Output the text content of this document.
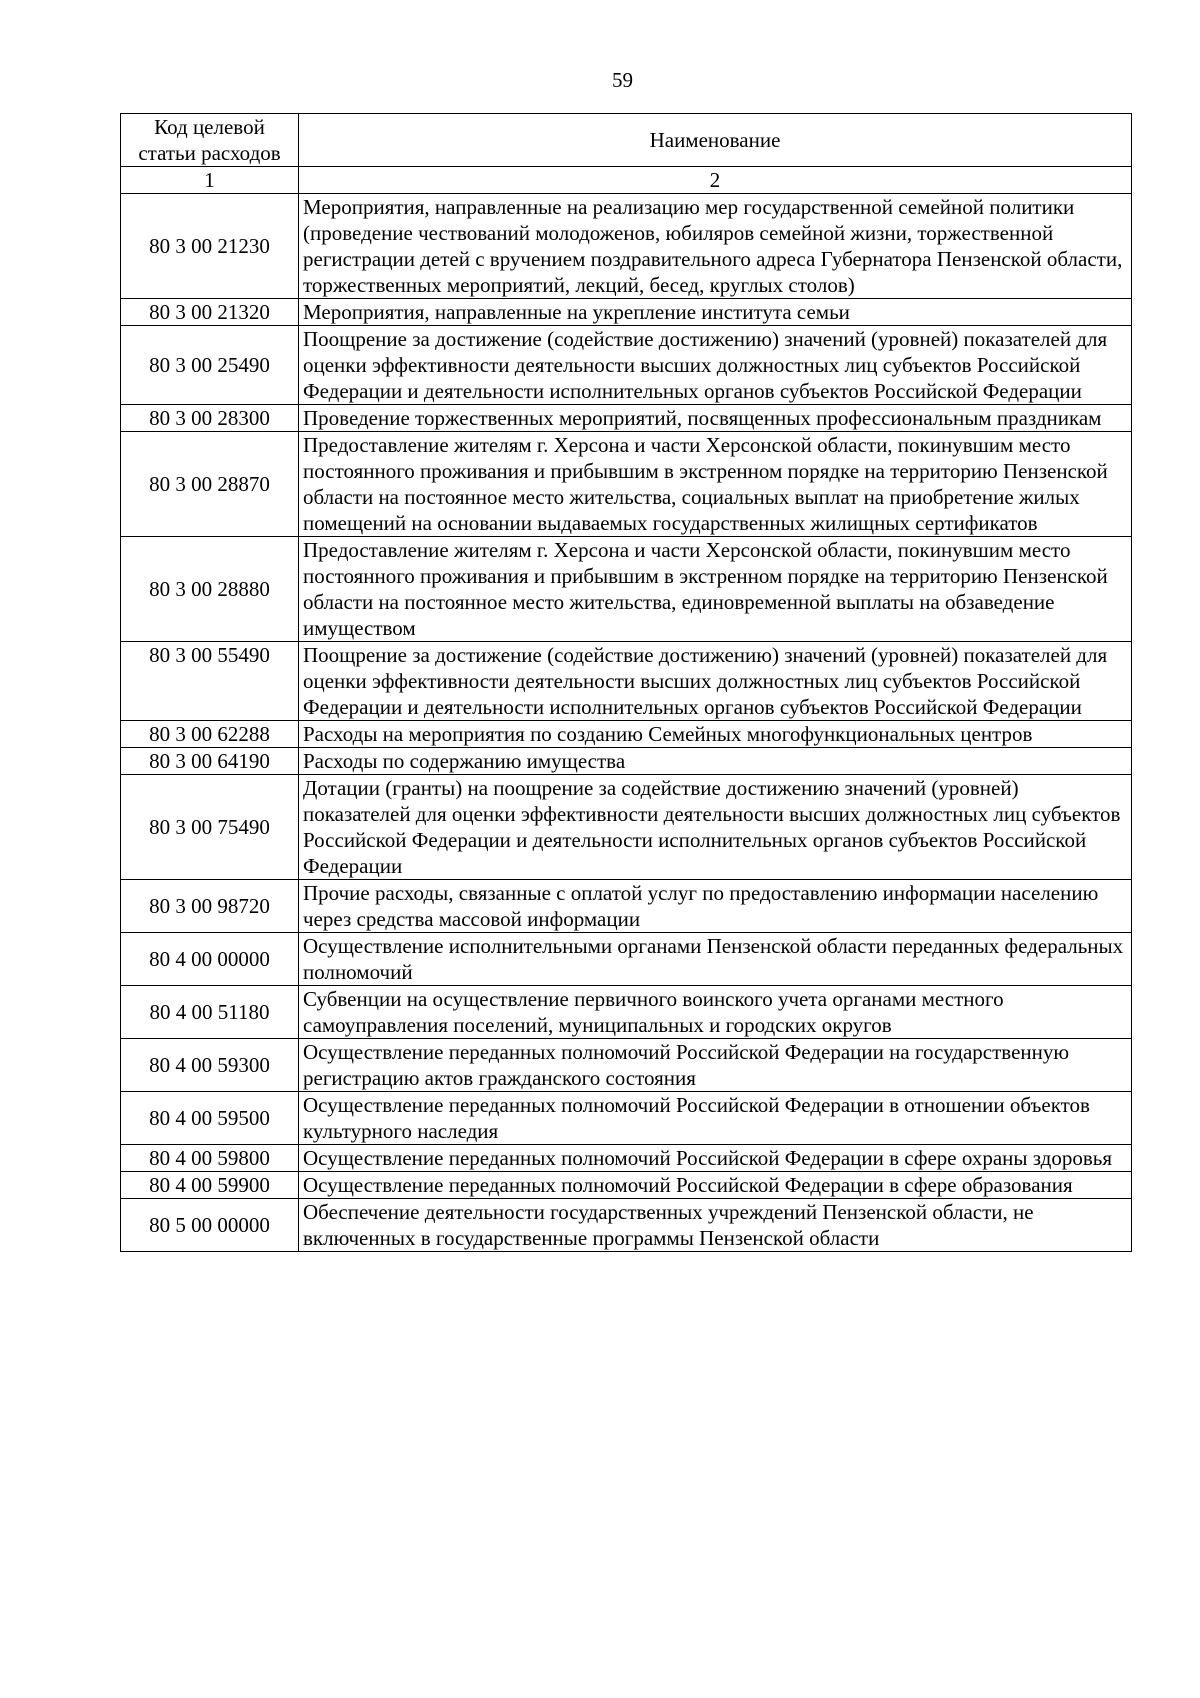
59
Код целевой статьи расходов	Наименование
1	2
80 3 00 21230	Мероприятия, направленные на реализацию мер государственной семейной политики (проведение чествований молодоженов, юбиляров семейной жизни, торжественной регистрации детей с вручением поздравительного адреса Губернатора Пензенской области, торжественных мероприятий, лекций, бесед, круглых столов)
80 3 00 21320	Мероприятия, направленные на укрепление института семьи
80 3 00 25490	Поощрение за достижение (содействие достижению) значений (уровней) показателей для оценки эффективности деятельности высших должностных лиц субъектов Российской Федерации и деятельности исполнительных органов субъектов Российской Федерации
80 3 00 28300	Проведение торжественных мероприятий, посвященных профессиональным праздникам
80 3 00 28870	Предоставление жителям г. Херсона и части Херсонской области, покинувшим место постоянного проживания и прибывшим в экстренном порядке на территорию Пензенской области на постоянное место жительства, социальных выплат на приобретение жилых помещений на основании выдаваемых государственных жилищных сертификатов
80 3 00 28880	Предоставление жителям г. Херсона и части Херсонской области, покинувшим место постоянного проживания и прибывшим в экстренном порядке на территорию Пензенской области на постоянное место жительства, единовременной выплаты на обзаведение имуществом
80 3 00 55490	Поощрение за достижение (содействие достижению) значений (уровней) показателей для оценки эффективности деятельности высших должностных лиц субъектов Российской Федерации и деятельности исполнительных органов субъектов Российской Федерации
80 3 00 62288	Расходы на мероприятия по созданию Семейных многофункциональных центров
80 3 00 64190	Расходы по содержанию имущества
80 3 00 75490	Дотации (гранты) на поощрение за содействие достижению значений (уровней) показателей для оценки эффективности деятельности высших должностных лиц субъектов Российской Федерации и деятельности исполнительных органов субъектов Российской Федерации
80 3 00 98720	Прочие расходы, связанные с оплатой услуг по предоставлению информации населению через средства массовой информации
80 4 00 00000	Осуществление исполнительными органами Пензенской области переданных федеральных полномочий
80 4 00 51180	Субвенции на осуществление первичного воинского учета органами местного самоуправления поселений, муниципальных и городских округов
80 4 00 59300	Осуществление переданных полномочий Российской Федерации на государственную регистрацию актов гражданского состояния
80 4 00 59500	Осуществление переданных полномочий Российской Федерации в отношении объектов культурного наследия
80 4 00 59800	Осуществление переданных полномочий Российской Федерации в сфере охраны здоровья
80 4 00 59900	Осуществление переданных полномочий Российской Федерации в сфере образования
80 5 00 00000	Обеспечение деятельности государственных учреждений Пензенской области, не включенных в государственные программы Пензенской области
